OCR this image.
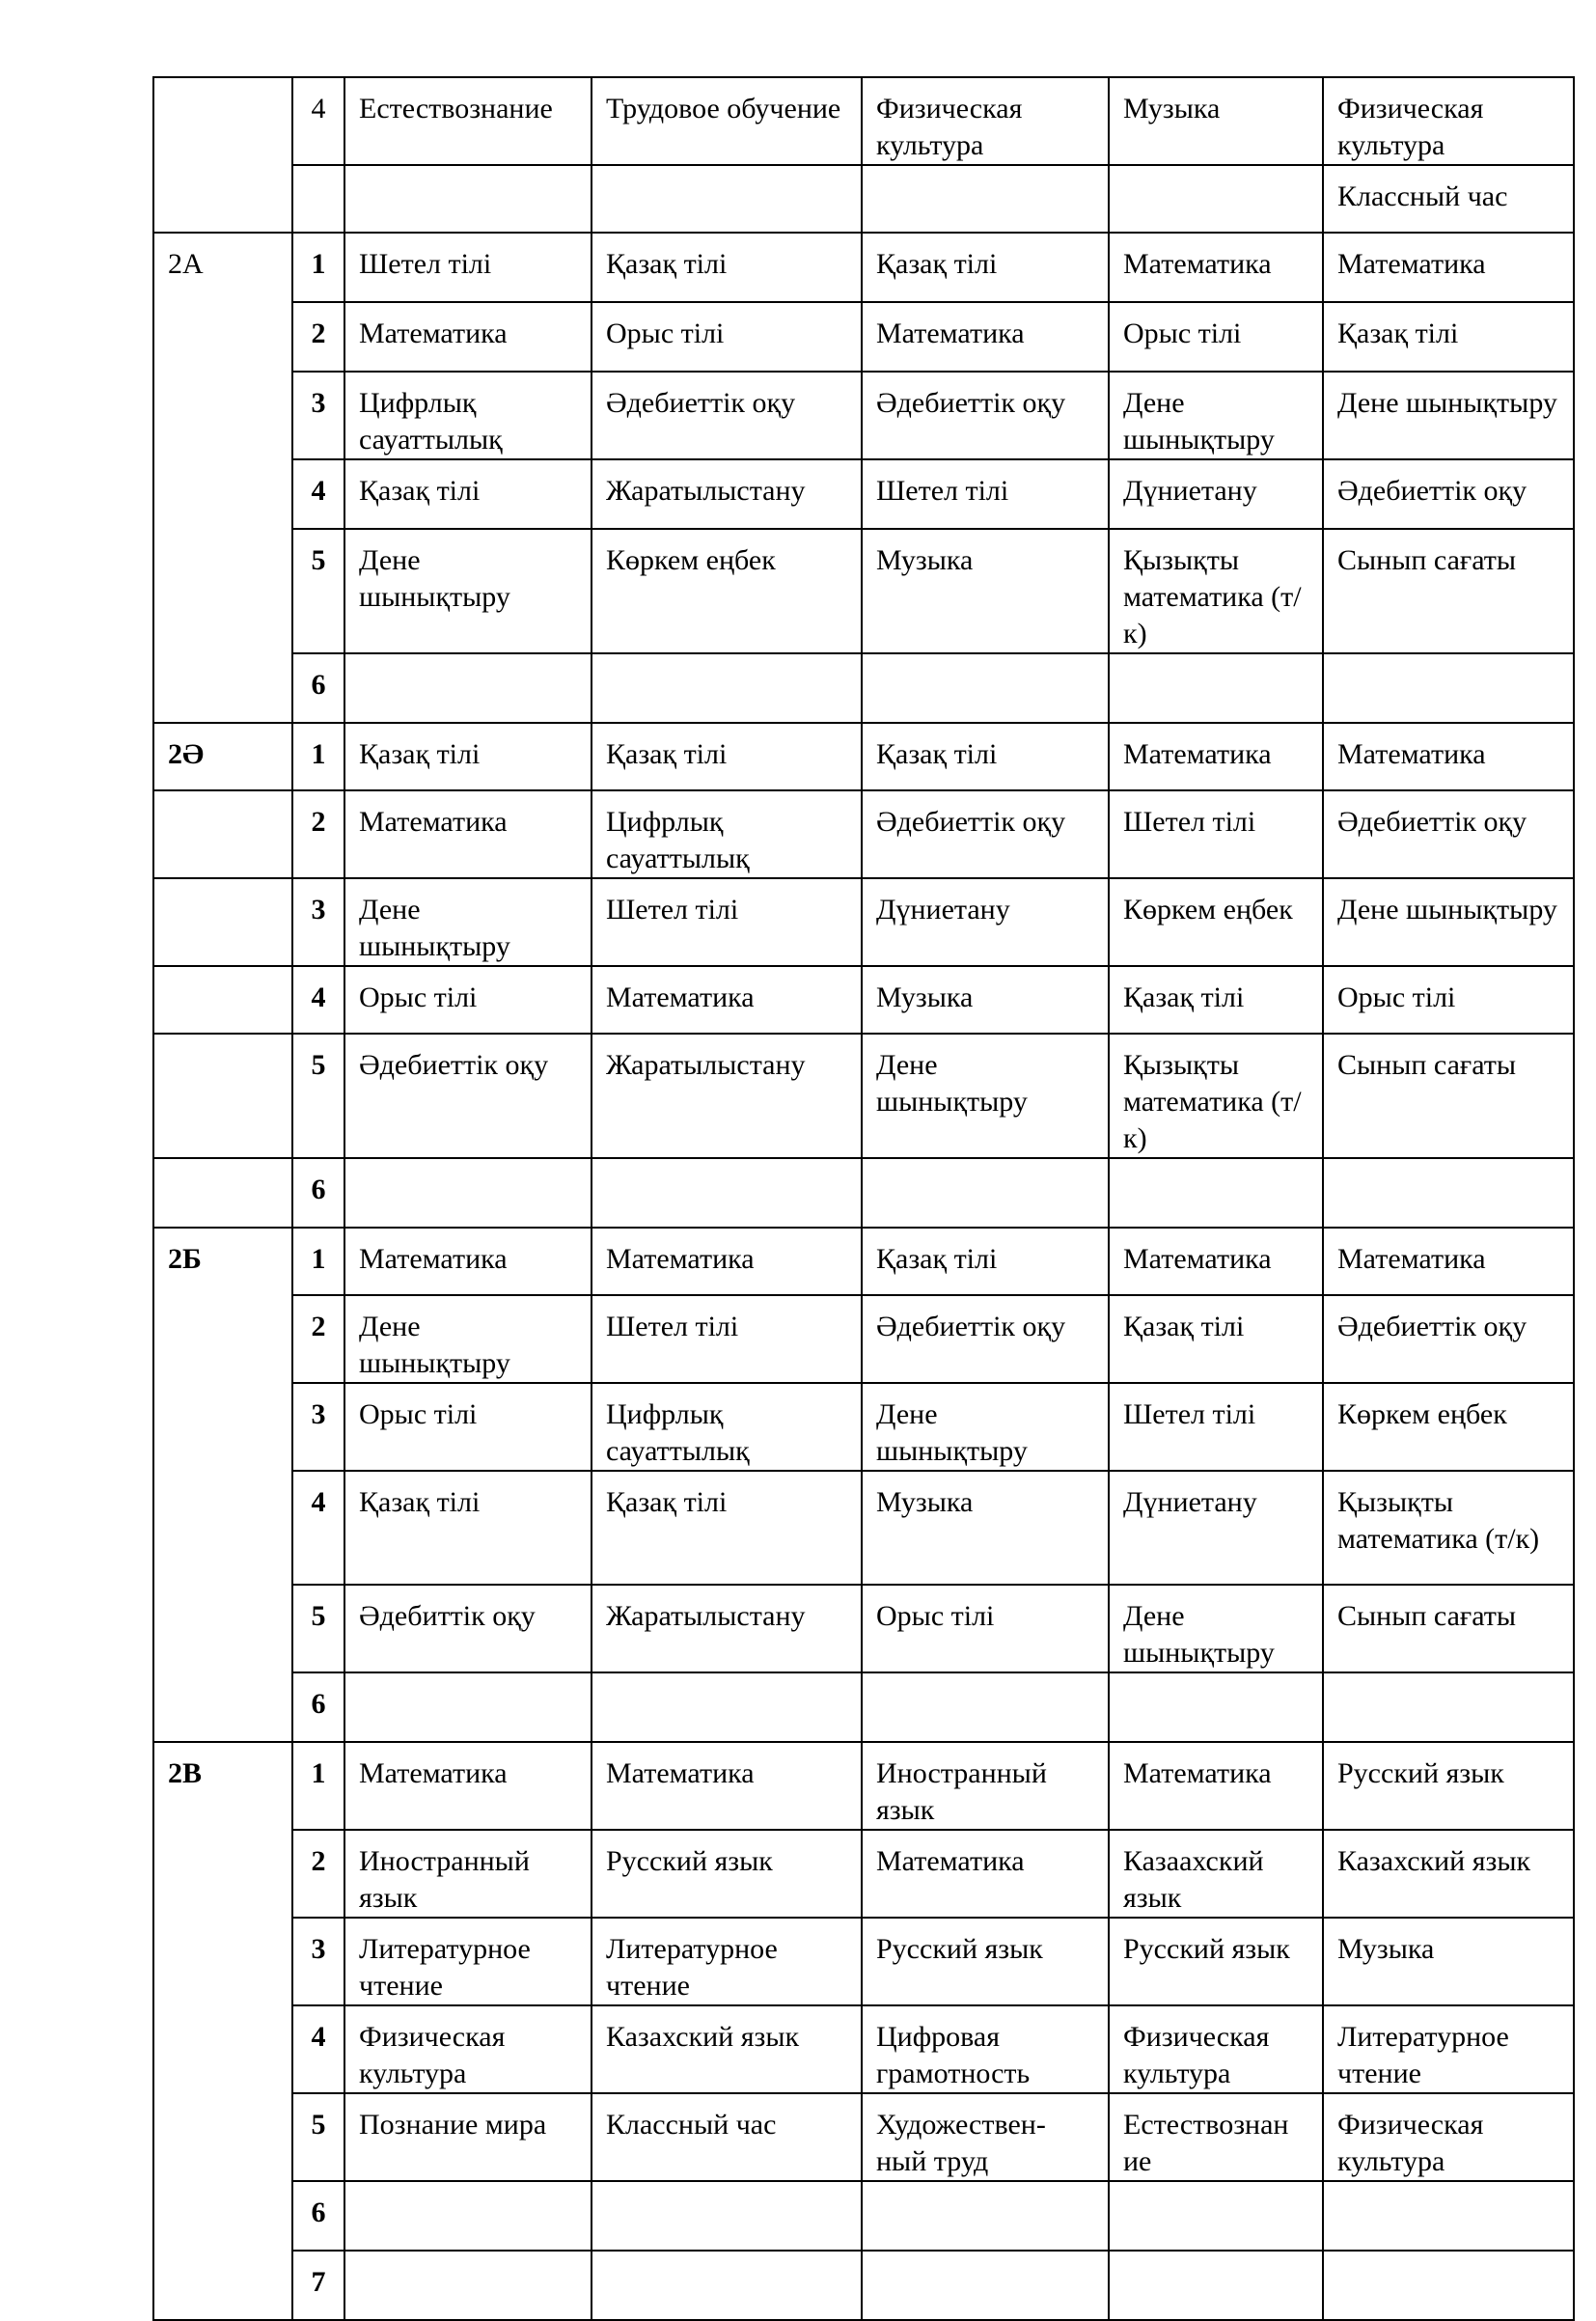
	4	Естествознание	Трудовое обучение	Физическая культура	Музыка	Физическая культура
						Классный час
2А	1	Шетел тілі	Қазақ тілі	Қазақ тілі	Математика	Математика
	2	Математика	Орыс тілі	Математика	Орыс тілі	Қазақ тілі
	3	Цифрлық сауаттылық	Әдебиеттік оқу	Әдебиеттік оқу	Дене шынықтыру	Дене шынықтыру
	4	Қазақ тілі	Жаратылыстану	Шетел тілі	Дүниетану	Әдебиеттік оқу
	5	Дене шынықтыру	Көркем еңбек	Музыка	Қызықты математика (т/к)	Сынып сағаты
	6					
2Ә	1	Қазақ тілі	Қазақ тілі	Қазақ тілі	Математика	Математика
	2	Математика	Цифрлық сауаттылық	Әдебиеттік оқу	Шетел тілі	Әдебиеттік оқу
	3	Дене шынықтыру	Шетел тілі	Дүниетану	Көркем еңбек	Дене шынықтыру
	4	Орыс тілі	Математика	Музыка	Қазақ тілі	Орыс тілі
	5	Әдебиеттік оқу	Жаратылыстану	Дене шынықтыру	Қызықты математика (т/к)	Сынып сағаты
	6					
2Б	1	Математика	Математика	Қазақ тілі	Математика	Математика
	2	Дене шынықтыру	Шетел тілі	Әдебиеттік оқу	Қазақ тілі	Әдебиеттік оқу
	3	Орыс тілі	Цифрлық сауаттылық	Дене шынықтыру	Шетел тілі	Көркем еңбек
	4	Қазақ тілі	Қазақ тілі	Музыка	Дүниетану	Қызықты математика (т/к)
	5	Әдебиттік оқу	Жаратылыстану	Орыс тілі	Дене шынықтыру	Сынып сағаты
	6					
2В	1	Математика	Математика	Иностранный язык	Математика	Русский язык
	2	Иностранный язык	Русский язык	Математика	Казаахский язык	Казахский язык
	3	Литературное чтение	Литературное чтение	Русский язык	Русский язык	Музыка
	4	Физическая культура	Казахский язык	Цифровая грамотность	Физическая культура	Литературное чтение
	5	Познание мира	Классный час	Художествен-ный труд	Естествознан ие	Физическая культура
	6					
	7					
